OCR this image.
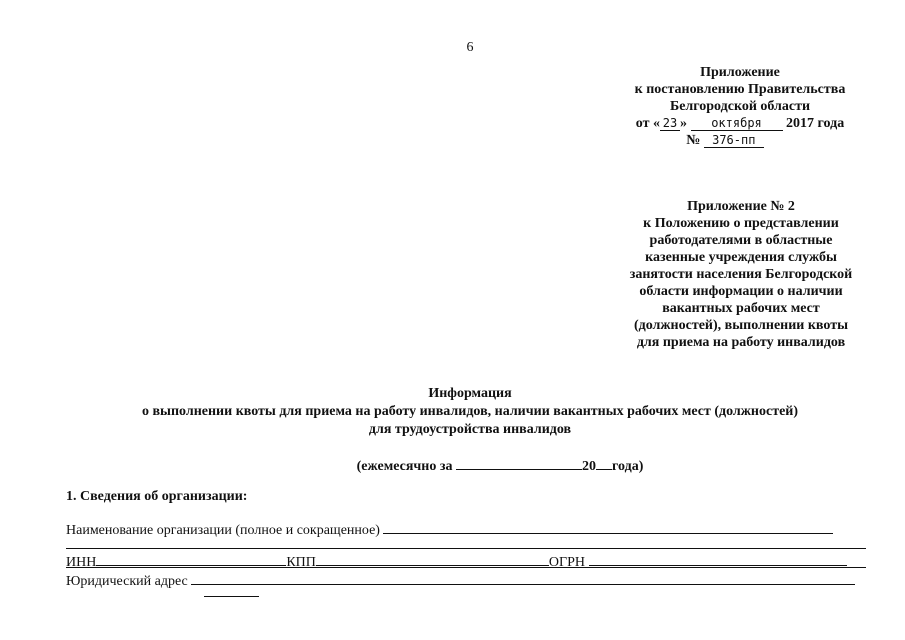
6
Приложение
к постановлению Правительства
Белгородской области
от « 23 » октября 2017 года
№ 376-пп
Приложение № 2
к Положению о представлении
работодателями в областные
казенные учреждения службы
занятости населения Белгородской
области информации о наличии
вакантных рабочих мест
(должностей), выполнении квоты
для приема на работу инвалидов
Информация
о выполнении квоты для приема на работу инвалидов, наличии вакантных рабочих мест (должностей)
для трудоустройства инвалидов
(ежемесячно за	20 года)
1. Сведения об организации:
Наименование организации (полное и сокращенное)
ИНН	КПП	ОГРН
Юридический адрес
